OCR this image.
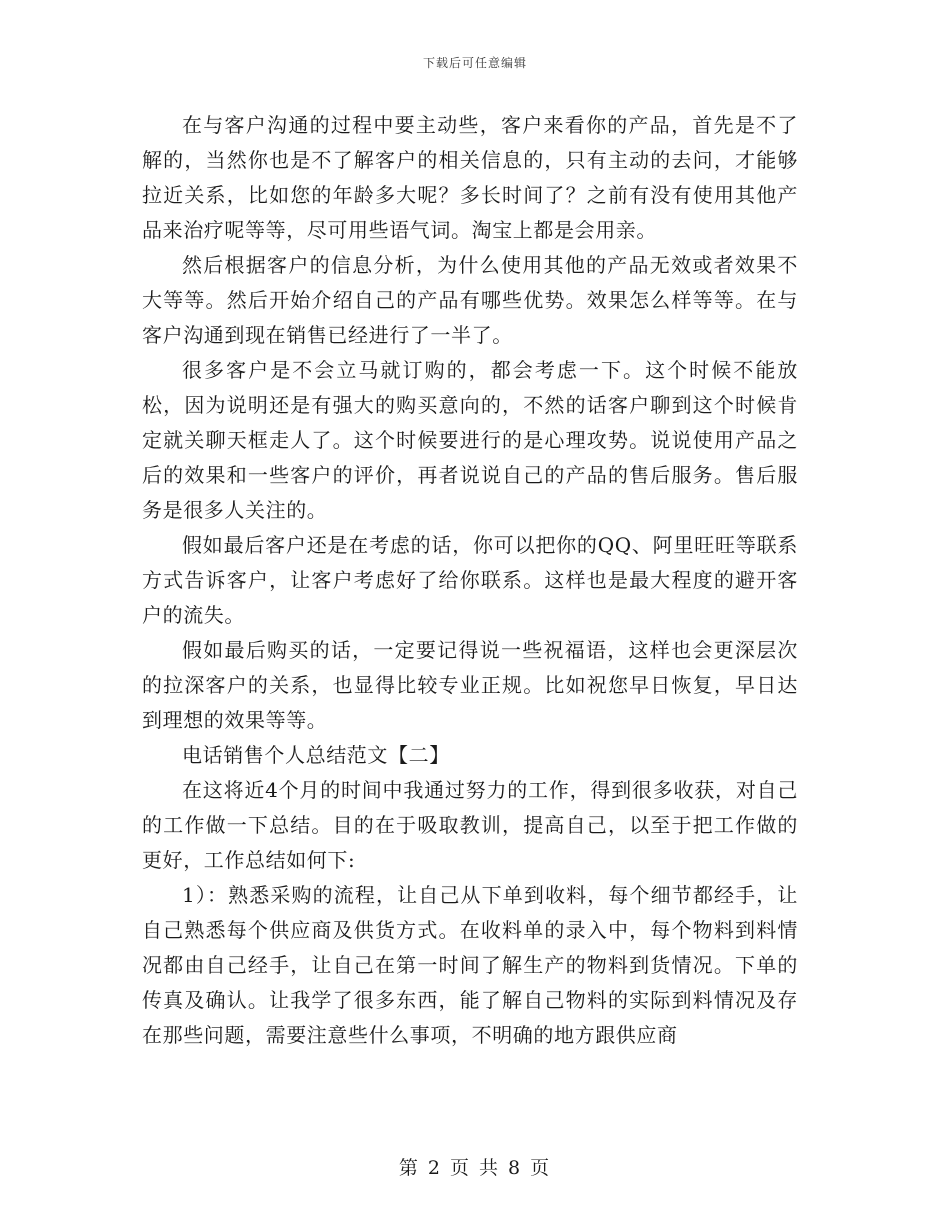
下载后可任意编辑

在与客户沟通的过程中要主动些，客户来看你的产品，首先是不了解的，当然你也是不了解客户的相关信息的，只有主动的去问，才能够拉近关系，比如您的年龄多大呢？多长时间了？之前有没有使用其他产品来治疗呢等等，尽可用些语气词。淘宝上都是会用亲。

然后根据客户的信息分析，为什么使用其他的产品无效或者效果不大等等。然后开始介绍自己的产品有哪些优势。效果怎么样等等。在与客户沟通到现在销售已经进行了一半了。

很多客户是不会立马就订购的，都会考虑一下。这个时候不能放松，因为说明还是有强大的购买意向的，不然的话客户聊到这个时候肯定就关聊天框走人了。这个时候要进行的是心理攻势。说说使用产品之后的效果和一些客户的评价，再者说说自己的产品的售后服务。售后服务是很多人关注的。

假如最后客户还是在考虑的话，你可以把你的QQ、阿里旺旺等联系方式告诉客户，让客户考虑好了给你联系。这样也是最大程度的避开客户的流失。

假如最后购买的话，一定要记得说一些祝福语，这样也会更深层次的拉深客户的关系，也显得比较专业正规。比如祝您早日恢复，早日达到理想的效果等等。

电话销售个人总结范文【二】

在这将近4个月的时间中我通过努力的工作，得到很多收获，对自己的工作做一下总结。目的在于吸取教训，提高自己，以至于把工作做的更好，工作总结如何下:

1）：熟悉采购的流程，让自己从下单到收料，每个细节都经手，让自己熟悉每个供应商及供货方式。在收料单的录入中，每个物料到料情况都由自己经手，让自己在第一时间了解生产的物料到货情况。下单的传真及确认。让我学了很多东西，能了解自己物料的实际到料情况及存在那些问题，需要注意些什么事项，不明确的地方跟供应商

第 2 页 共 8 页
